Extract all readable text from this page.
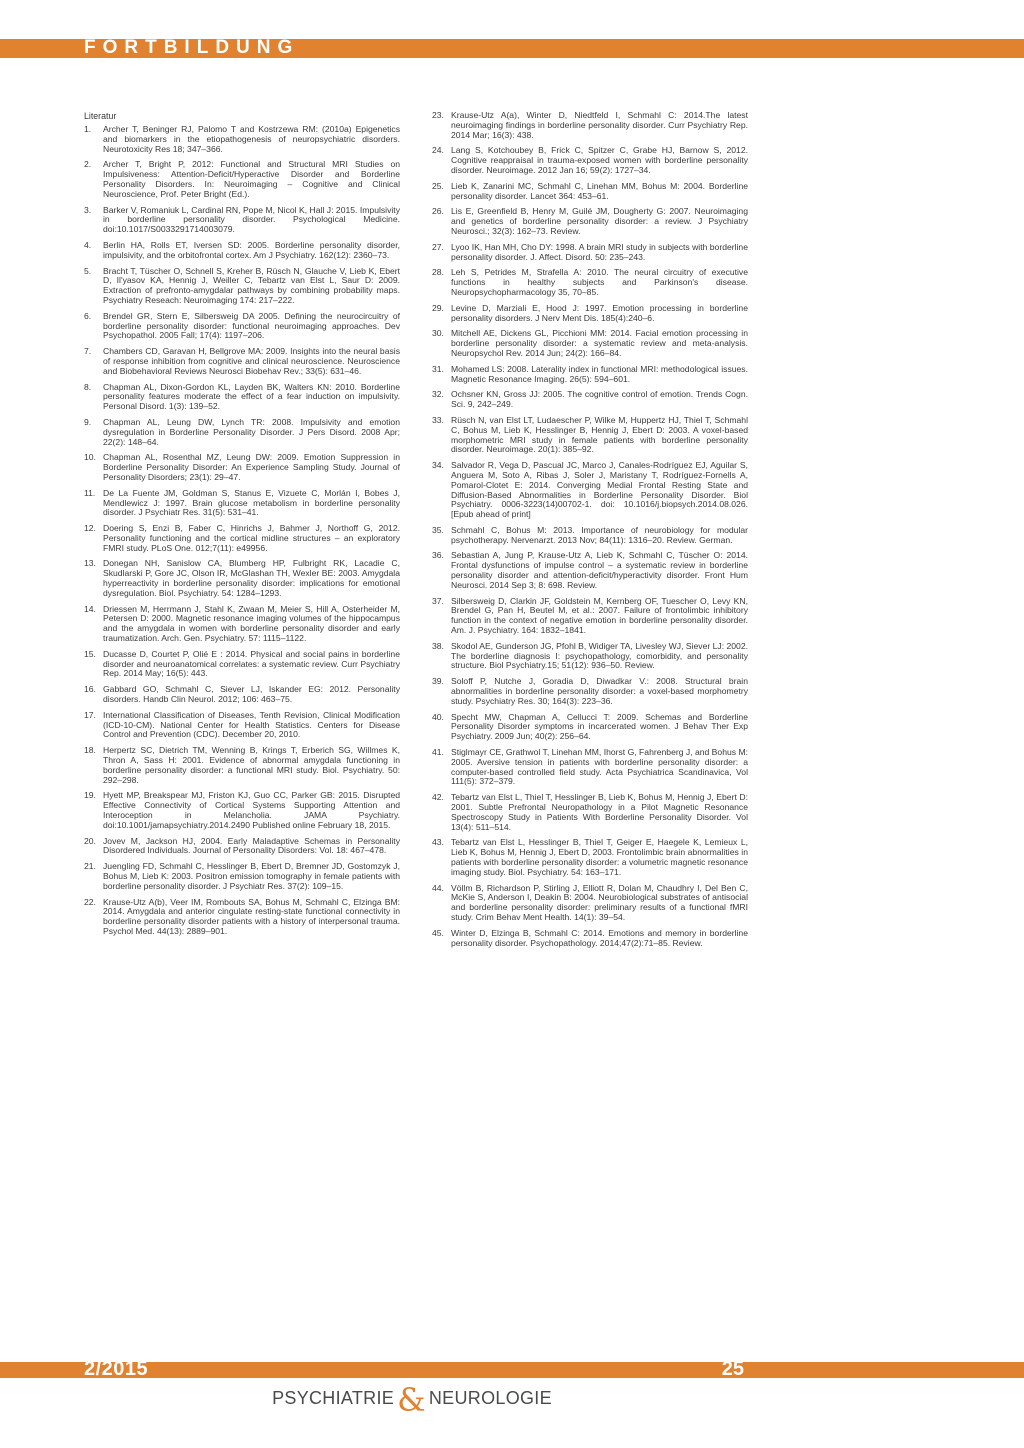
FORTBILDUNG
Literatur
1.	Archer T, Beninger RJ, Palomo T and Kostrzewa RM: (2010a) Epigenetics and biomarkers in the etiopathogenesis of neuropsychiatric disorders. Neurotoxicity Res 18; 347–366.
2.	Archer T, Bright P, 2012: Functional and Structural MRI Studies on Impulsiveness: Attention-Deficit/Hyperactive Disorder and Borderline Personality Disorders. In: Neuroimaging – Cognitive and Clinical Neuroscience, Prof. Peter Bright (Ed.).
3.	Barker V, Romaniuk L, Cardinal RN, Pope M, Nicol K, Hall J: 2015. Impulsivity in borderline personality disorder. Psychological Medicine. doi:10.1017/S0033291714003079.
4.	Berlin HA, Rolls ET, Iversen SD: 2005. Borderline personality disorder, impulsivity, and the orbitofrontal cortex. Am J Psychiatry. 162(12): 2360–73.
5.	Bracht T, Tüscher O, Schnell S, Kreher B, Rüsch N, Glauche V, Lieb K, Ebert D, Il'yasov KA, Hennig J, Weiller C, Tebartz van Elst L, Saur D: 2009. Extraction of prefronto-amygdalar pathways by combining probability maps. Psychiatry Reseach: Neuroimaging 174: 217–222.
6.	Brendel GR, Stern E, Silbersweig DA 2005. Defining the neurocircuitry of borderline personality disorder: functional neuroimaging approaches. Dev Psychopathol. 2005 Fall; 17(4): 1197–206.
7.	Chambers CD, Garavan H, Bellgrove MA: 2009. Insights into the neural basis of response inhibition from cognitive and clinical neuroscience. Neuroscience and Biobehavioral Reviews Neurosci Biobehav Rev.; 33(5): 631–46.
8.	Chapman AL, Dixon-Gordon KL, Layden BK, Walters KN: 2010. Borderline personality features moderate the effect of a fear induction on impulsivity. Personal Disord. 1(3): 139–52.
9.	Chapman AL, Leung DW, Lynch TR: 2008. Impulsivity and emotion dysregulation in Borderline Personality Disorder. J Pers Disord. 2008 Apr; 22(2): 148–64.
10. Chapman AL, Rosenthal MZ, Leung DW: 2009. Emotion Suppression in Borderline Personality Disorder: An Experience Sampling Study. Journal of Personality Disorders; 23(1): 29–47.
11. De La Fuente JM, Goldman S, Stanus E, Vizuete C, Morlán I, Bobes J, Mendlewicz J: 1997. Brain glucose metabolism in borderline personality disorder. J Psychiatr Res. 31(5): 531–41.
12. Doering S, Enzi B, Faber C, Hinrichs J, Bahmer J, Northoff G, 2012. Personality functioning and the cortical midline structures – an exploratory FMRI study. PLoS One. 012;7(11): e49956.
13. Donegan NH, Sanislow CA, Blumberg HP, Fulbright RK, Lacadie C, Skudlarski P, Gore JC, Olson IR, McGlashan TH, Wexler BE: 2003. Amygdala hyperreactivity in borderline personality disorder: implications for emotional dysregulation. Biol. Psychiatry. 54: 1284–1293.
14. Driessen M, Herrmann J, Stahl K, Zwaan M, Meier S, Hill A, Osterheider M, Petersen D: 2000. Magnetic resonance imaging volumes of the hippocampus and the amygdala in women with borderline personality disorder and early traumatization. Arch. Gen. Psychiatry. 57: 1115–1122.
15. Ducasse D, Courtet P, Olié E : 2014. Physical and social pains in borderline disorder and neuroanatomical correlates: a systematic review. Curr Psychiatry Rep. 2014 May; 16(5): 443.
16. Gabbard GO, Schmahl C, Siever LJ, Iskander EG: 2012. Personality disorders. Handb Clin Neurol. 2012; 106: 463–75.
17. International Classification of Diseases, Tenth Revision, Clinical Modification (ICD-10-CM). National Center for Health Statistics. Centers for Disease Control and Prevention (CDC). December 20, 2010.
18. Herpertz SC, Dietrich TM, Wenning B, Krings T, Erberich SG, Willmes K, Thron A, Sass H: 2001. Evidence of abnormal amygdala functioning in borderline personality disorder: a functional MRI study. Biol. Psychiatry. 50: 292–298.
19. Hyett MP, Breakspear MJ, Friston KJ, Guo CC, Parker GB: 2015. Disrupted Effective Connectivity of Cortical Systems Supporting Attention and Interoception in Melancholia. JAMA Psychiatry. doi:10.1001/jamapsychiatry.2014.2490 Published online February 18, 2015.
20. Jovev M, Jackson HJ, 2004. Early Maladaptive Schemas in Personality Disordered Individuals. Journal of Personality Disorders: Vol. 18: 467–478.
21. Juengling FD, Schmahl C, Hesslinger B, Ebert D, Bremner JD, Gostomzyk J, Bohus M, Lieb K: 2003. Positron emission tomography in female patients with borderline personality disorder. J Psychiatr Res. 37(2): 109–15.
22. Krause-Utz A(b), Veer IM, Rombouts SA, Bohus M, Schmahl C, Elzinga BM: 2014. Amygdala and anterior cingulate resting-state functional connectivity in borderline personality disorder patients with a history of interpersonal trauma. Psychol Med. 44(13): 2889–901.
23. Krause-Utz A(a), Winter D, Niedtfeld I, Schmahl C: 2014.The latest neuroimaging findings in borderline personality disorder. Curr Psychiatry Rep. 2014 Mar; 16(3): 438.
24. Lang S, Kotchoubey B, Frick C, Spitzer C, Grabe HJ, Barnow S, 2012. Cognitive reappraisal in trauma-exposed women with borderline personality disorder. Neuroimage. 2012 Jan 16; 59(2): 1727–34.
25. Lieb K, Zanarini MC, Schmahl C, Linehan MM, Bohus M: 2004. Borderline personality disorder. Lancet 364: 453–61.
26. Lis E, Greenfield B, Henry M, Guilé JM, Dougherty G: 2007. Neuroimaging and genetics of borderline personality disorder: a review. J Psychiatry Neurosci.; 32(3): 162–73. Review.
27. Lyoo IK, Han MH, Cho DY: 1998. A brain MRI study in subjects with borderline personality disorder. J. Affect. Disord. 50: 235–243.
28. Leh S, Petrides M, Strafella A: 2010. The neural circuitry of executive functions in healthy subjects and Parkinson's disease. Neuropsychopharmacology 35, 70–85.
29. Levine D, Marziali E, Hood J: 1997. Emotion processing in borderline personality disorders. J Nerv Ment Dis. 185(4):240–6.
30. Mitchell AE, Dickens GL, Picchioni MM: 2014. Facial emotion processing in borderline personality disorder: a systematic review and meta-analysis. Neuropsychol Rev. 2014 Jun; 24(2): 166–84.
31. Mohamed LS: 2008. Laterality index in functional MRI: methodological issues. Magnetic Resonance Imaging. 26(5): 594–601.
32. Ochsner KN, Gross JJ: 2005. The cognitive control of emotion. Trends Cogn. Sci. 9, 242–249.
33. Rüsch N, van Elst LT, Ludaescher P, Wilke M, Huppertz HJ, Thiel T, Schmahl C, Bohus M, Lieb K, Hesslinger B, Hennig J, Ebert D: 2003. A voxel-based morphometric MRI study in female patients with borderline personality disorder. Neuroimage. 20(1): 385–92.
34. Salvador R, Vega D, Pascual JC, Marco J, Canales-Rodríguez EJ, Aguilar S, Anguera M, Soto A, Ribas J, Soler J, Maristany T, Rodríguez-Fornells A, Pomarol-Clotet E: 2014. Converging Medial Frontal Resting State and Diffusion-Based Abnormalities in Borderline Personality Disorder. Biol Psychiatry. 0006-3223(14)00702-1. doi: 10.1016/j.biopsych.2014.08.026. [Epub ahead of print]
35. Schmahl C, Bohus M: 2013. Importance of neurobiology for modular psychotherapy. Nervenarzt. 2013 Nov; 84(11): 1316–20. Review. German.
36. Sebastian A, Jung P, Krause-Utz A, Lieb K, Schmahl C, Tüscher O: 2014. Frontal dysfunctions of impulse control – a systematic review in borderline personality disorder and attention-deficit/hyperactivity disorder. Front Hum Neurosci. 2014 Sep 3; 8: 698. Review.
37. Silbersweig D, Clarkin JF, Goldstein M, Kernberg OF, Tuescher O, Levy KN, Brendel G, Pan H, Beutel M, et al.: 2007. Failure of frontolimbic inhibitory function in the context of negative emotion in borderline personality disorder. Am. J. Psychiatry. 164: 1832–1841.
38. Skodol AE, Gunderson JG, Pfohl B, Widiger TA, Livesley WJ, Siever LJ: 2002. The borderline diagnosis I: psychopathology, comorbidity, and personality structure. Biol Psychiatry.15; 51(12): 936–50. Review.
39. Soloff P, Nutche J, Goradia D, Diwadkar V.: 2008. Structural brain abnormalities in borderline personality disorder: a voxel-based morphometry study. Psychiatry Res. 30; 164(3): 223–36.
40. Specht MW, Chapman A, Cellucci T: 2009. Schemas and Borderline Personality Disorder symptoms in incarcerated women. J Behav Ther Exp Psychiatry. 2009 Jun; 40(2): 256–64.
41. Stiglmayr CE, Grathwol T, Linehan MM, Ihorst G, Fahrenberg J, and Bohus M: 2005. Aversive tension in patients with borderline personality disorder: a computer-based controlled field study. Acta Psychiatrica Scandinavica, Vol 111(5): 372–379.
42. Tebartz van Elst L, Thiel T, Hesslinger B, Lieb K, Bohus M, Hennig J, Ebert D: 2001. Subtle Prefrontal Neuropathology in a Pilot Magnetic Resonance Spectroscopy Study in Patients With Borderline Personality Disorder. Vol 13(4): 511–514.
43. Tebartz van Elst L, Hesslinger B, Thiel T, Geiger E, Haegele K, Lemieux L, Lieb K, Bohus M, Hennig J, Ebert D, 2003. Frontolimbic brain abnormalities in patients with borderline personality disorder: a volumetric magnetic resonance imaging study. Biol. Psychiatry. 54: 163–171.
44. Völlm B, Richardson P, Stirling J, Elliott R, Dolan M, Chaudhry I, Del Ben C, McKie S, Anderson I, Deakin B: 2004. Neurobiological substrates of antisocial and borderline personality disorder: preliminary results of a functional fMRI study. Crim Behav Ment Health. 14(1): 39–54.
45. Winter D, Elzinga B, Schmahl C: 2014. Emotions and memory in borderline personality disorder. Psychopathology. 2014;47(2):71–85. Review.
2/2015	25
PSYCHIATRIE & NEUROLOGIE
